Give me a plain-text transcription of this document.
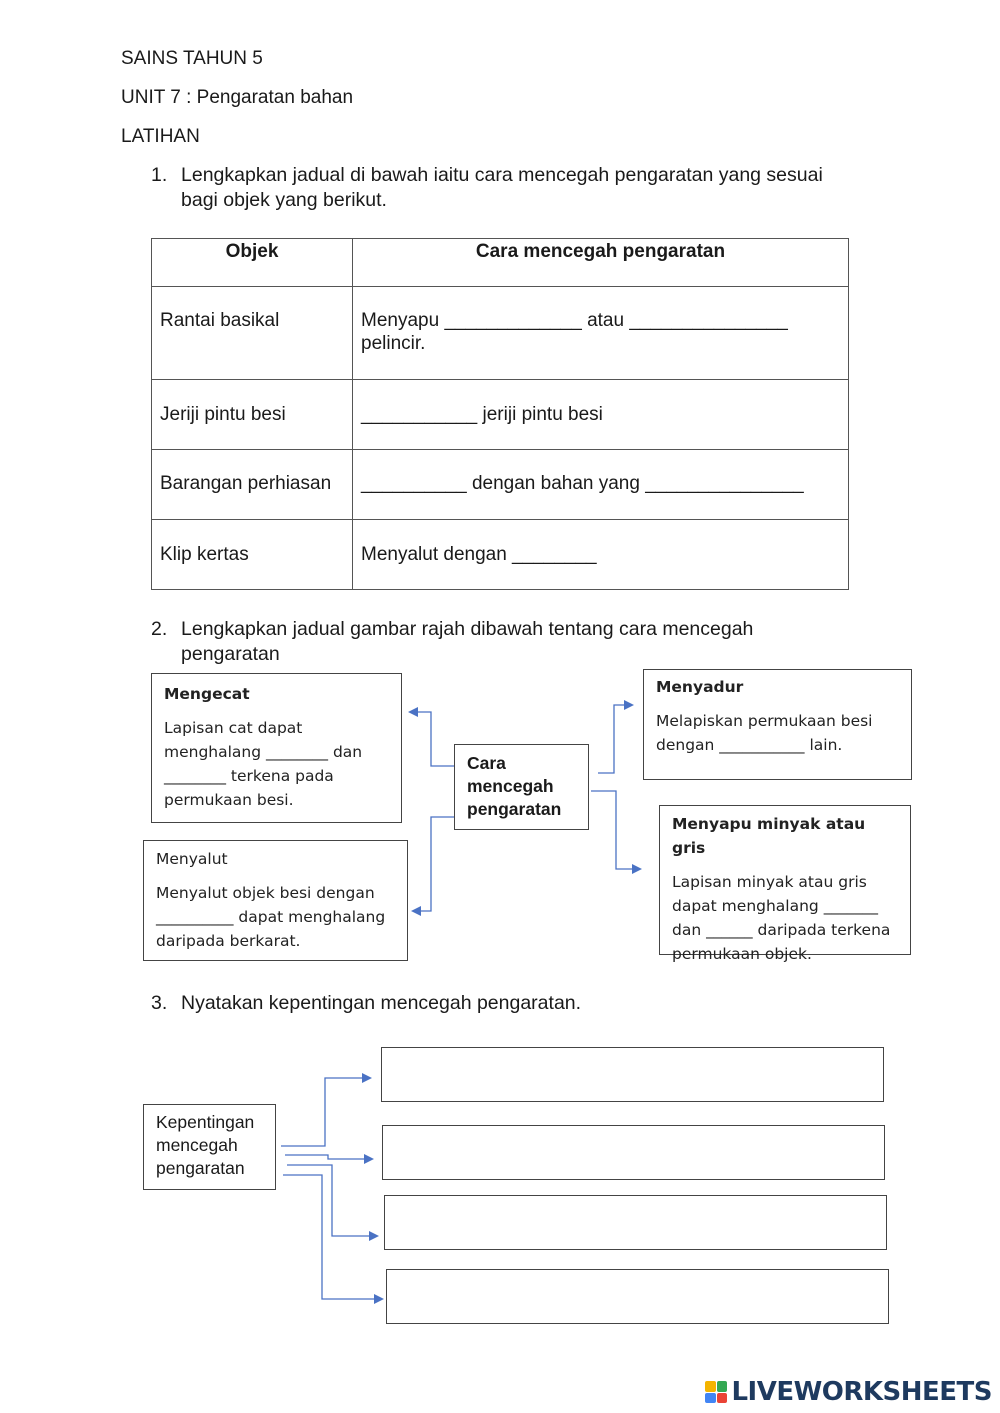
SAINS TAHUN 5
UNIT 7 : Pengaratan bahan
LATIHAN
1. Lengkapkan jadual di bawah iaitu cara mencegah pengaratan yang sesuai
bagi objek yang berikut.
Objek	Cara mencegah pengaratan
Rantai basikal	Menyapu _____________ atau _______________
pelincir.

Jeriji pintu besi	___________ jeriji pintu besi
Barangan perhiasan	__________ dengan bahan yang _______________
Klip kertas	Menyalut dengan ________
2. Lengkapkan jadual gambar rajah dibawah tentang cara mencegah
pengaratan
Mengecat
Lapisan cat dapat
menghalang ________ dan
________ terkena pada
permukaan besi.
Cara
mencegah
pengaratan
Menyalut
Menyalut objek besi dengan
__________ dapat menghalang
daripada berkarat.
Menyadur
Melapiskan permukaan besi
dengan ___________ lain.
Menyapu minyak atau gris
Lapisan minyak atau gris
dapat menghalang _______
dan ______ daripada terkena
permukaan objek.
3. Nyatakan kepentingan mencegah pengaratan.
Kepentingan
mencegah
pengaratan
LIVEWORKSHEETS
